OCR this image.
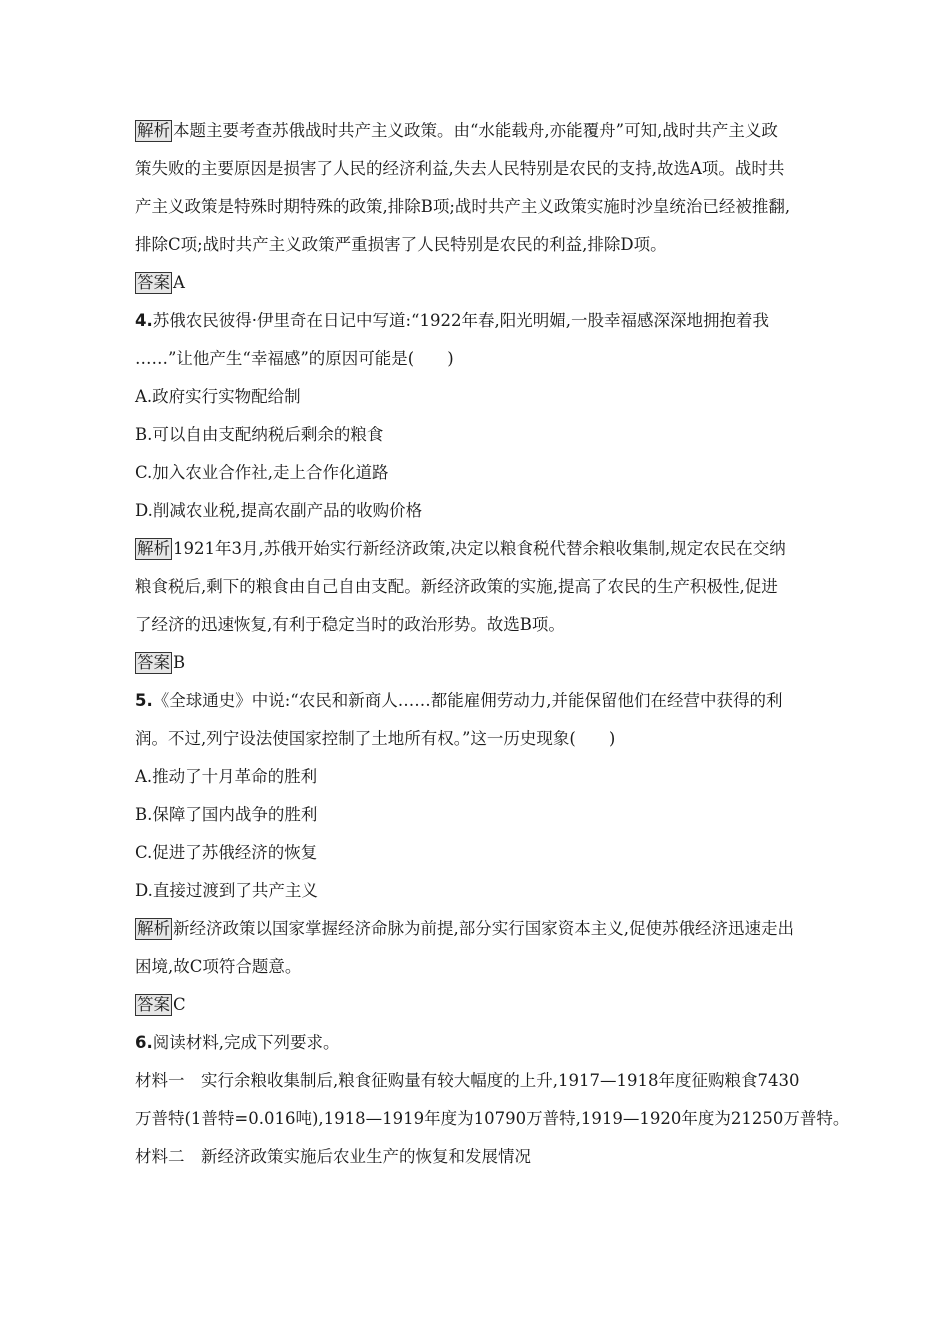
解析 本题主要考查苏俄战时共产主义政策。由“水能载舟,亦能覆舟”可知,战时共产主义政
策失败的主要原因是损害了人民的经济利益,失去人民特别是农民的支持,故选A项。战时共
产主义政策是特殊时期特殊的政策,排除B项;战时共产主义政策实施时沙皇统治已经被推翻,
排除C项;战时共产主义政策严重损害了人民特别是农民的利益,排除D项。
答案 A
4.苏俄农民彼得·伊里奇在日记中写道:“1922年春,阳光明媚,一股幸福感深深地拥抱着我
……”让他产生“幸福感”的原因可能是(　　)
A.政府实行实物配给制
B.可以自由支配纳税后剩余的粮食
C.加入农业合作社,走上合作化道路
D.削减农业税,提高农副产品的收购价格
解析 1921年3月,苏俄开始实行新经济政策,决定以粮食税代替余粮收集制,规定农民在交纳
粮食税后,剩下的粮食由自己自由支配。新经济政策的实施,提高了农民的生产积极性,促进
了经济的迅速恢复,有利于稳定当时的政治形势。故选B项。
答案 B
5.《全球通史》中说:“农民和新商人……都能雇佣劳动力,并能保留他们在经营中获得的利
润。不过,列宁设法使国家控制了土地所有权。”这一历史现象(　　)
A.推动了十月革命的胜利
B.保障了国内战争的胜利
C.促进了苏俄经济的恢复
D.直接过渡到了共产主义
解析 新经济政策以国家掌握经济命脉为前提,部分实行国家资本主义,促使苏俄经济迅速走出
困境,故C项符合题意。
答案 C
6.阅读材料,完成下列要求。
材料一 实行余粮收集制后,粮食征购量有较大幅度的上升,1917—1918年度征购粮食7430
万普特(1普特=0.016吨),1918—1919年度为10790万普特,1919—1920年度为21250万普特。
材料二 新经济政策实施后农业生产的恢复和发展情况
